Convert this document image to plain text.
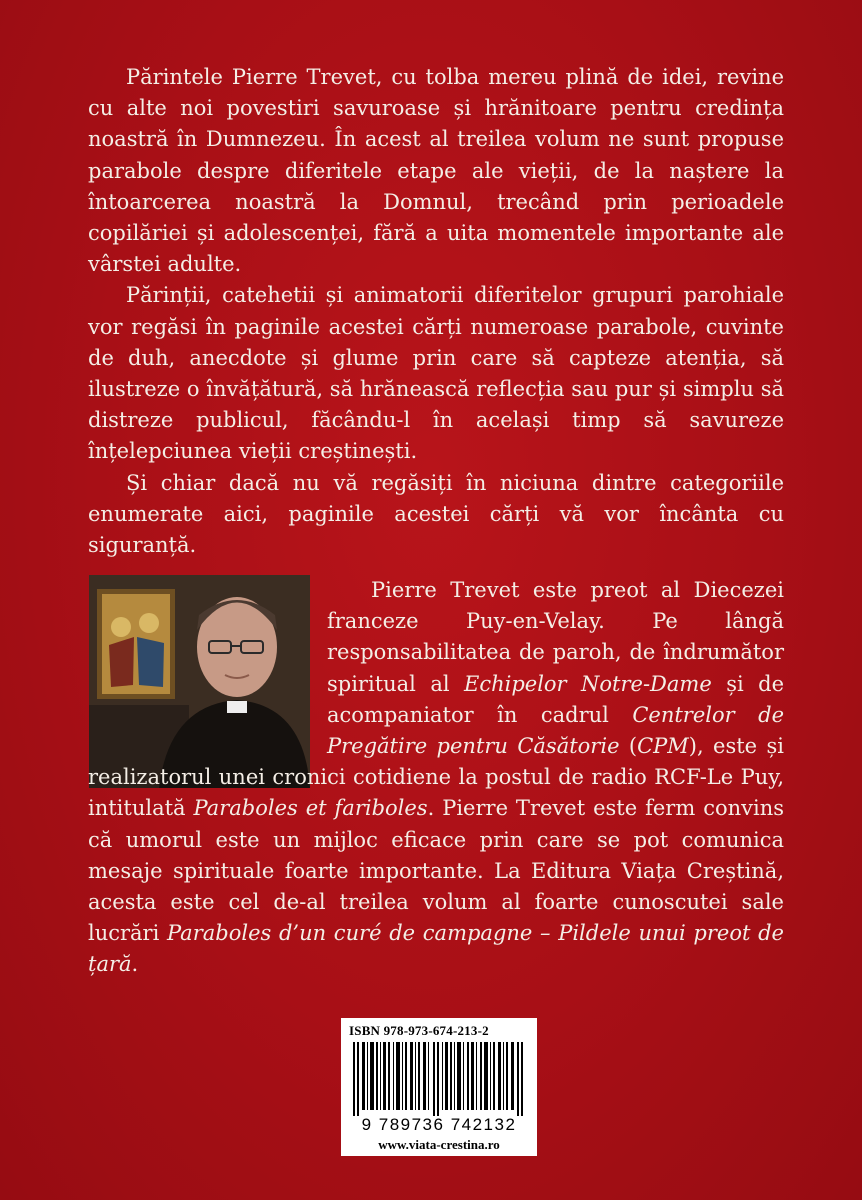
Părintele Pierre Trevet, cu tolba mereu plină de idei, revine cu alte noi povestiri savuroase și hrănitoare pentru credința noastră în Dumnezeu. În acest al treilea volum ne sunt propuse parabole despre diferitele etape ale vieții, de la naștere la întoarcerea noastră la Domnul, trecând prin perioadele copilăriei și adolescenței, fără a uita momentele importante ale vârstei adulte.

Părinții, catehetii și animatorii diferitelor grupuri parohiale vor regăsi în paginile acestei cărți numeroase parabole, cuvinte de duh, anecdote și glume prin care să capteze atenția, să ilustreze o învățătură, să hrănească reflecția sau pur și simplu să distreze publicul, făcându-l în același timp să savureze înțelepciunea vieții creștinești.

Și chiar dacă nu vă regăsiți în niciuna dintre categoriile enumerate aici, paginile acestei cărți vă vor încânta cu siguranță.

Pierre Trevet este preot al Diecezei franceze Puy-en-Velay. Pe lângă responsabilitatea de paroh, de îndrumător spiritual al Echipelor Notre-Dame și de acompaniator în cadrul Centrelor de Pregătire pentru Căsătorie (CPM), este și realizatorul unei cronici cotidiene la postul de radio RCF-Le Puy, intitulată Paraboles et fariboles. Pierre Trevet este ferm convins că umorul este un mijloc eficace prin care se pot comunica mesaje spirituale foarte importante. La Editura Viața Creștină, acesta este cel de-al treilea volum al foarte cunoscutei sale lucrări Paraboles d’un curé de campagne – Pildele unui preot de țară.

ISBN 978-973-674-213-2
9 789736 742132
www.viata-crestina.ro
